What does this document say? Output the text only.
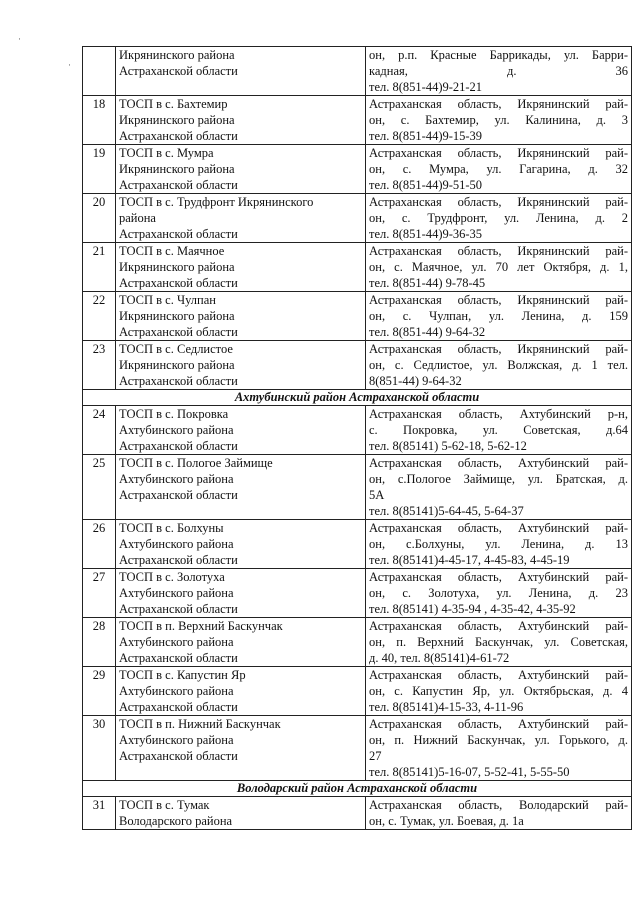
·
·

	Икрянинского района
Астраханской области	он, р.п. Красные Баррикады, ул. Барри-
кадная, д. 36
тел. 8(851-44)9-21-21

18	ТОСП в с. Бахтемир
Икрянинского района
Астраханской области	Астраханская область, Икрянинский рай-
он, с. Бахтемир, ул. Калинина, д. 3
тел. 8(851-44)9-15-39

19	ТОСП в с. Мумра
Икрянинского района
Астраханской области	Астраханская область, Икрянинский рай-
он, с. Мумра, ул. Гагарина, д. 32
тел. 8(851-44)9-51-50

20	ТОСП в с. Трудфронт Икрянинского
района
Астраханской области	Астраханская область, Икрянинский рай-
он, с. Трудфронт, ул. Ленина, д. 2
тел. 8(851-44)9-36-35

21	ТОСП в с. Маячное
Икрянинского района
Астраханской области	Астраханская область, Икрянинский рай-
он, с. Маячное, ул. 70 лет Октября, д. 1,
тел. 8(851-44) 9-78-45

22	ТОСП в с. Чулпан
Икрянинского района
Астраханской области	Астраханская область, Икрянинский рай-
он, с. Чулпан, ул. Ленина, д. 159
тел. 8(851-44) 9-64-32

23	ТОСП в с. Седлистое
Икрянинского района
Астраханской области	Астраханская область, Икрянинский рай-
он, с. Седлистое, ул. Волжская, д. 1 тел.
8(851-44) 9-64-32

Ахтубинский район Астраханской области		
24	ТОСП в с. Покровка
Ахтубинского района
Астраханской области	Астраханская область, Ахтубинский р-н,
с. Покровка, ул. Советская, д.64
тел. 8(85141) 5-62-18, 5-62-12

25	ТОСП в с. Пологое Займище
Ахтубинского района
Астраханской области	Астраханская область, Ахтубинский рай-
он, с.Пологое Займище, ул. Братская, д.
5А
тел. 8(85141)5-64-45, 5-64-37

26	ТОСП в с. Болхуны
Ахтубинского района
Астраханской области	Астраханская область, Ахтубинский рай-
он, с.Болхуны, ул. Ленина, д. 13
тел. 8(85141)4-45-17, 4-45-83, 4-45-19

27	ТОСП в с. Золотуха
Ахтубинского района
Астраханской области	Астраханская область, Ахтубинский рай-
он, с. Золотуха, ул. Ленина, д. 23
тел. 8(85141) 4-35-94 , 4-35-42, 4-35-92

28	ТОСП в п. Верхний Баскунчак
Ахтубинского района
Астраханской области	Астраханская область, Ахтубинский рай-
он, п. Верхний Баскунчак, ул. Советская,
д. 40, тел. 8(85141)4-61-72

29	ТОСП в с. Капустин Яр
Ахтубинского района
Астраханской области	Астраханская область, Ахтубинский рай-
он, с. Капустин Яр, ул. Октябрьская, д. 4
тел. 8(85141)4-15-33, 4-11-96

30	ТОСП в п. Нижний Баскунчак
Ахтубинского района
Астраханской области	Астраханская область, Ахтубинский рай-
он, п. Нижний Баскунчак, ул. Горького, д.
27
тел. 8(85141)5-16-07, 5-52-41, 5-55-50

Володарский район Астраханской области		
31	ТОСП в с. Тумак
Володарского района	Астраханская область, Володарский рай-
он, с. Тумак, ул. Боевая, д. 1а
